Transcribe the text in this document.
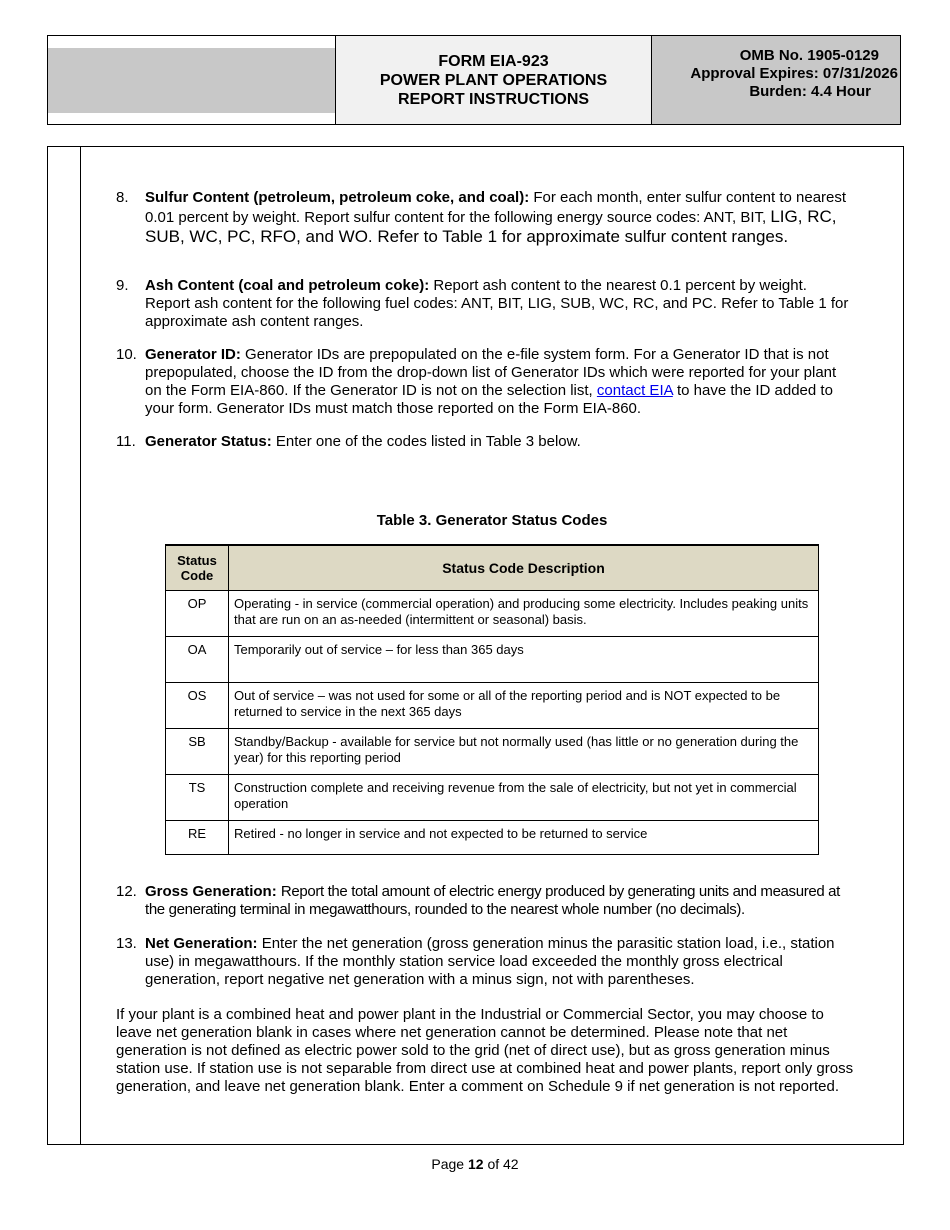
FORM EIA-923
POWER PLANT OPERATIONS
REPORT INSTRUCTIONS
OMB No. 1905-0129
Approval Expires: 07/31/2026
Burden: 4.4 Hour
8. Sulfur Content (petroleum, petroleum coke, and coal): For each month, enter sulfur content to nearest 0.01 percent by weight. Report sulfur content for the following energy source codes: ANT, BIT, LIG, RC, SUB, WC, PC, RFO, and WO. Refer to Table 1 for approximate sulfur content ranges.
9. Ash Content (coal and petroleum coke): Report ash content to the nearest 0.1 percent by weight. Report ash content for the following fuel codes: ANT, BIT, LIG, SUB, WC, RC, and PC. Refer to Table 1 for approximate ash content ranges.
10. Generator ID: Generator IDs are prepopulated on the e-file system form. For a Generator ID that is not prepopulated, choose the ID from the drop-down list of Generator IDs which were reported for your plant on the Form EIA-860. If the Generator ID is not on the selection list, contact EIA to have the ID added to your form. Generator IDs must match those reported on the Form EIA-860.
11. Generator Status: Enter one of the codes listed in Table 3 below.
Table 3. Generator Status Codes
Status Code	Status Code Description
OP	Operating - in service (commercial operation) and producing some electricity. Includes peaking units that are run on an as-needed (intermittent or seasonal) basis.
OA	Temporarily out of service – for less than 365 days
OS	Out of service – was not used for some or all of the reporting period and is NOT expected to be returned to service in the next 365 days
SB	Standby/Backup - available for service but not normally used (has little or no generation during the year) for this reporting period
TS	Construction complete and receiving revenue from the sale of electricity, but not yet in commercial operation
RE	Retired - no longer in service and not expected to be returned to service
12. Gross Generation: Report the total amount of electric energy produced by generating units and measured at the generating terminal in megawatthours, rounded to the nearest whole number (no decimals).
13. Net Generation: Enter the net generation (gross generation minus the parasitic station load, i.e., station use) in megawatthours. If the monthly station service load exceeded the monthly gross electrical generation, report negative net generation with a minus sign, not with parentheses.
If your plant is a combined heat and power plant in the Industrial or Commercial Sector, you may choose to leave net generation blank in cases where net generation cannot be determined. Please note that net generation is not defined as electric power sold to the grid (net of direct use), but as gross generation minus station use. If station use is not separable from direct use at combined heat and power plants, report only gross generation, and leave net generation blank. Enter a comment on Schedule 9 if net generation is not reported.
Page 12 of 42
